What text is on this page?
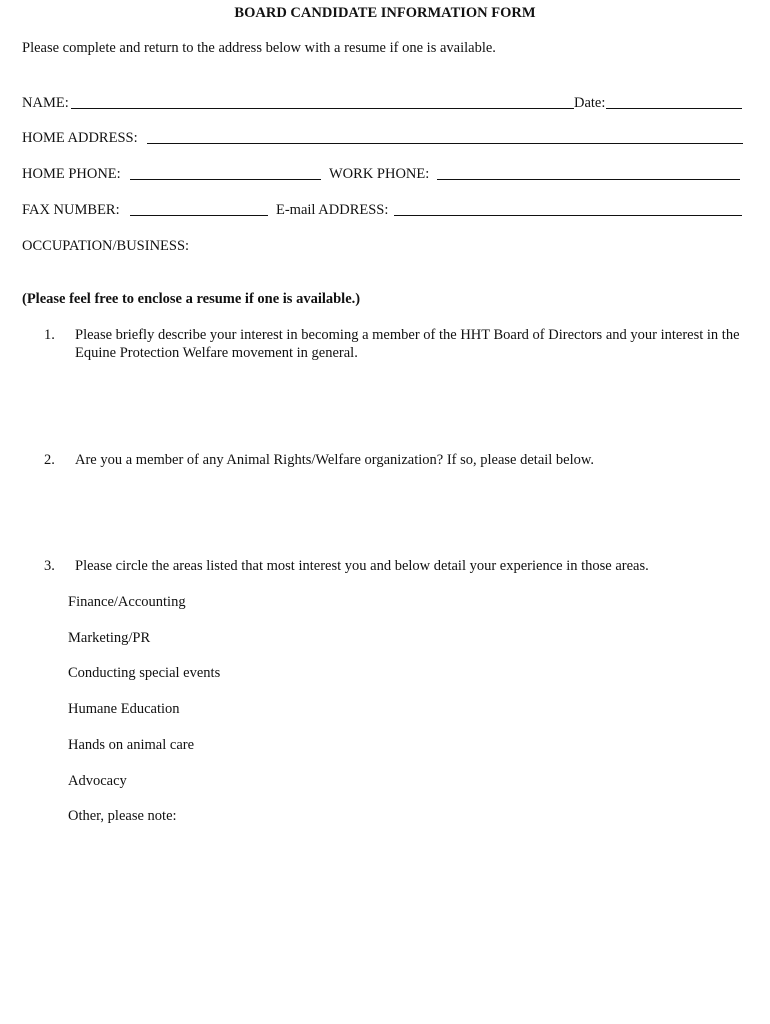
BOARD CANDIDATE INFORMATION FORM
Please complete and return to the address below with a resume if one is available.
NAME:	Date:
HOME ADDRESS:
HOME PHONE:	WORK PHONE:
FAX NUMBER:	E-mail ADDRESS:
OCCUPATION/BUSINESS:
(Please feel free to enclose a resume if one is available.)
1. Please briefly describe your interest in becoming a member of the HHT Board of Directors and your interest in the Equine Protection Welfare movement in general.
2. Are you a member of any Animal Rights/Welfare organization? If so, please detail below.
3. Please circle the areas listed that most interest you and below detail your experience in those areas.
Finance/Accounting
Marketing/PR
Conducting special events
Humane Education
Hands on animal care
Advocacy
Other, please note:
